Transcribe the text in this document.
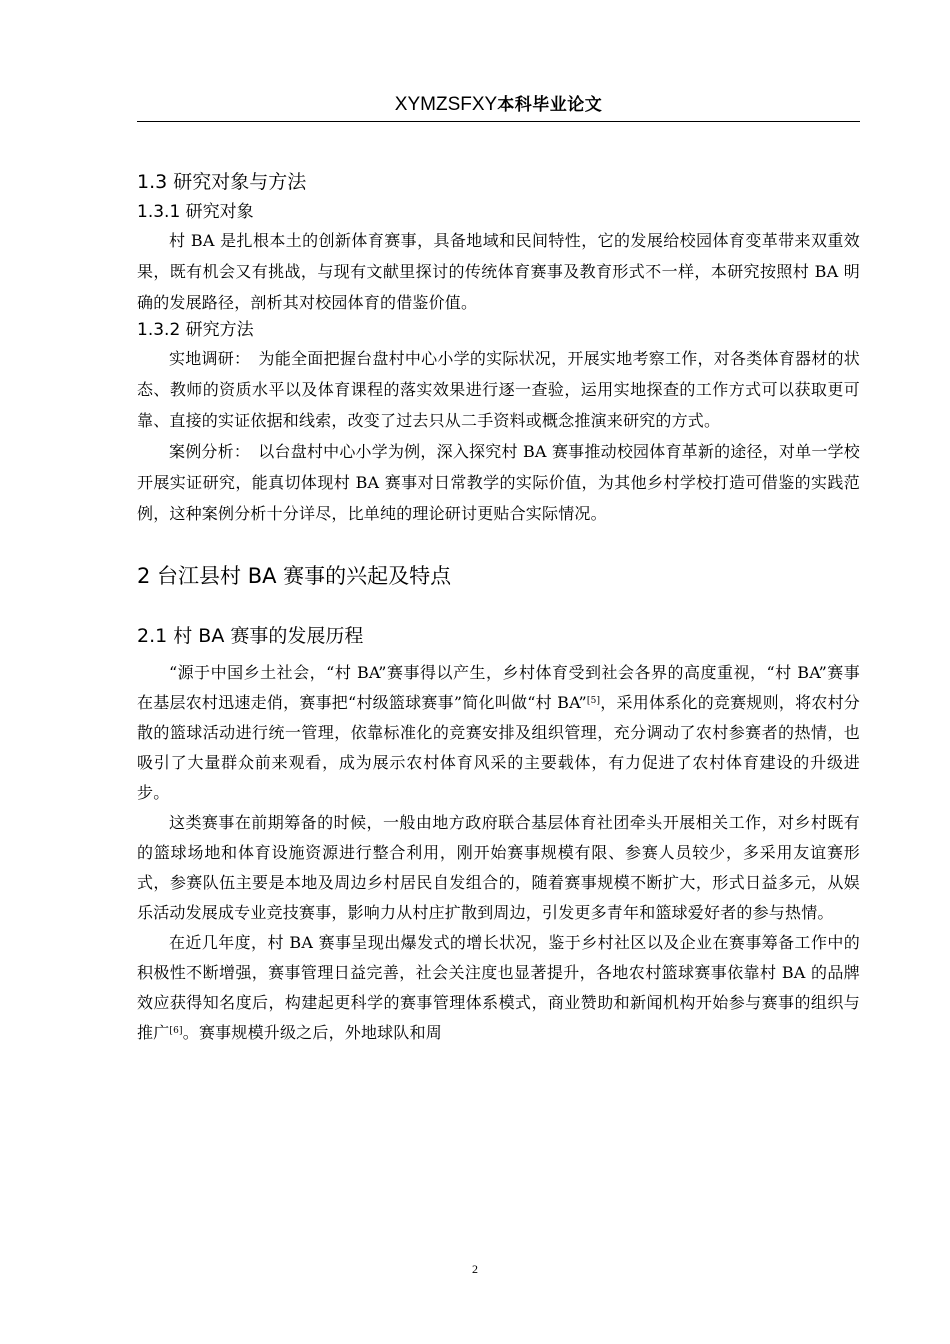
XYMZSFXY本科毕业论文
1.3 研究对象与方法
1.3.1 研究对象

村 BA 是扎根本土的创新体育赛事，具备地域和民间特性，它的发展给校园体育变革带来双重效果，既有机会又有挑战，与现有文献里探讨的传统体育赛事及教育形式不一样，本研究按照村 BA 明确的发展路径，剖析其对校园体育的借鉴价值。

1.3.2 研究方法

实地调研：　为能全面把握台盘村中心小学的实际状况，开展实地考察工作，对各类体育器材的状态、教师的资质水平以及体育课程的落实效果进行逐一查验，运用实地探查的工作方式可以获取更可靠、直接的实证依据和线索，改变了过去只从二手资料或概念推演来研究的方式。

案例分析：　以台盘村中心小学为例，深入探究村 BA 赛事推动校园体育革新的途径，对单一学校开展实证研究，能真切体现村 BA 赛事对日常教学的实际价值，为其他乡村学校打造可借鉴的实践范例，这种案例分析十分详尽，比单纯的理论研讨更贴合实际情况。

2 台江县村 BA 赛事的兴起及特点
2.1 村 BA 赛事的发展历程

“源于中国乡土社会，“村 BA”赛事得以产生，乡村体育受到社会各界的高度重视，“村 BA”赛事在基层农村迅速走俏，赛事把“村级篮球赛事”简化叫做“村 BA”[5]，采用体系化的竞赛规则，将农村分散的篮球活动进行统一管理，依靠标准化的竞赛安排及组织管理，充分调动了农村参赛者的热情，也吸引了大量群众前来观看，成为展示农村体育风采的主要载体，有力促进了农村体育建设的升级进步。

这类赛事在前期筹备的时候，一般由地方政府联合基层体育社团牵头开展相关工作，对乡村既有的篮球场地和体育设施资源进行整合利用，刚开始赛事规模有限、参赛人员较少，多采用友谊赛形式，参赛队伍主要是本地及周边乡村居民自发组合的，随着赛事规模不断扩大，形式日益多元，从娱乐活动发展成专业竞技赛事，影响力从村庄扩散到周边，引发更多青年和篮球爱好者的参与热情。

在近几年度，村 BA 赛事呈现出爆发式的增长状况，鉴于乡村社区以及企业在赛事筹备工作中的积极性不断增强，赛事管理日益完善，社会关注度也显著提升，各地农村篮球赛事依靠村 BA 的品牌效应获得知名度后，构建起更科学的赛事管理体系模式，商业赞助和新闻机构开始参与赛事的组织与推广[6]。赛事规模升级之后，外地球队和周

2
